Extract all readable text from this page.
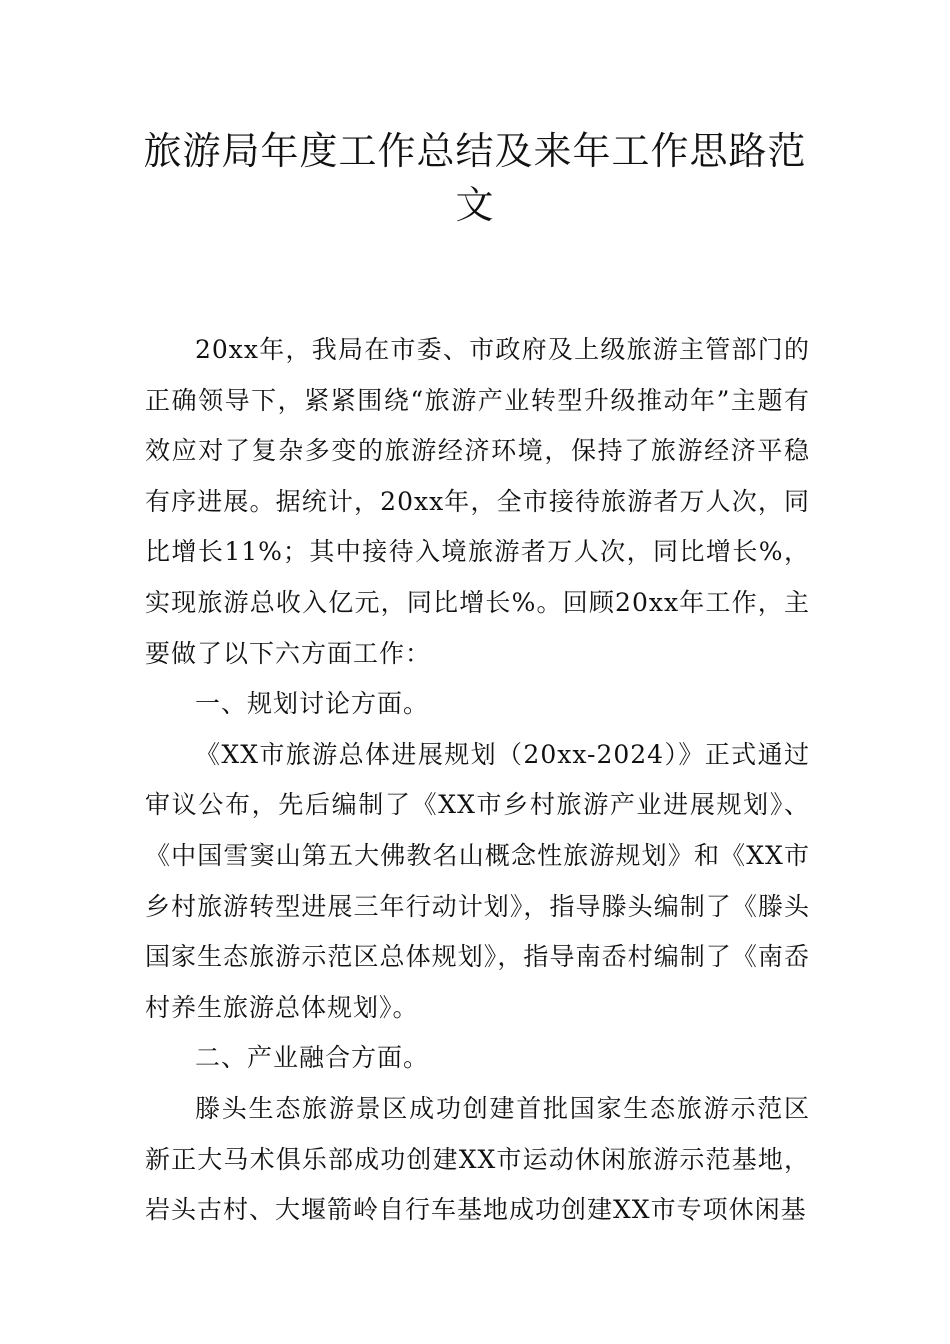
旅游局年度工作总结及来年工作思路范
文

20xx年，我局在市委、市政府及上级旅游主管部门的正确领导下，紧紧围绕“旅游产业转型升级推动年”主题有效应对了复杂多变的旅游经济环境，保持了旅游经济平稳有序进展。据统计，20xx年，全市接待旅游者万人次，同比增长11%；其中接待入境旅游者万人次，同比增长%，实现旅游总收入亿元，同比增长%。回顾20xx年工作，主要做了以下六方面工作：

一、规划讨论方面。

《XX市旅游总体进展规划（20xx-2024）》正式通过审议公布，先后编制了《XX市乡村旅游产业进展规划》、《中国雪窦山第五大佛教名山概念性旅游规划》和《XX市乡村旅游转型进展三年行动计划》，指导滕头编制了《滕头国家生态旅游示范区总体规划》，指导南岙村编制了《南岙村养生旅游总体规划》。

二、产业融合方面。

滕头生态旅游景区成功创建首批国家生态旅游示范区新正大马术俱乐部成功创建XX市运动休闲旅游示范基地，岩头古村、大堰箭岭自行车基地成功创建XX市专项休闲基
